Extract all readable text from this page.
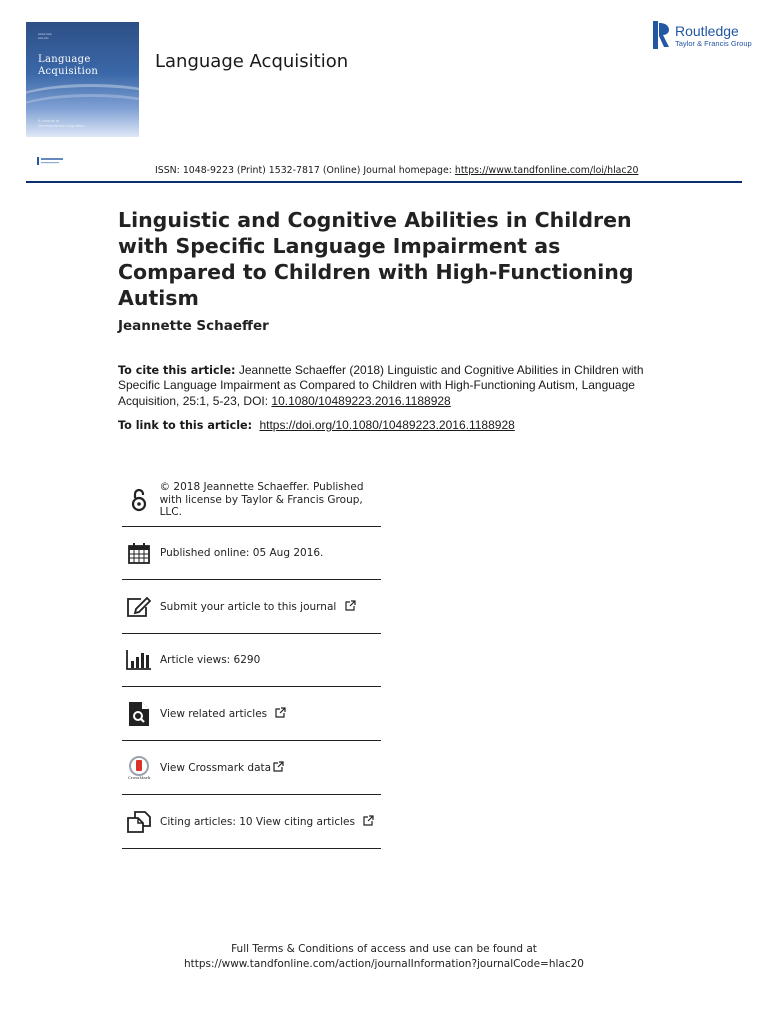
▪▪▪▪▪▪▪ ▪▪▪▪▪
▪▪▪▪▪ ▪▪▪▪
Language
Acquisition
A Journal of
Developmental Linguistics
Language Acquisition
Routledge
Taylor & Francis Group
ISSN: 1048-9223 (Print) 1532-7817 (Online) Journal homepage: https://www.tandfonline.com/loi/hlac20
Linguistic and Cognitive Abilities in Children with Specific Language Impairment as Compared to Children with High-Functioning Autism
Jeannette Schaeffer
To cite this article: Jeannette Schaeffer (2018) Linguistic and Cognitive Abilities in Children with Specific Language Impairment as Compared to Children with High-Functioning Autism, Language Acquisition, 25:1, 5-23, DOI: 10.1080/10489223.2016.1188928
To link to this article: https://doi.org/10.1080/10489223.2016.1188928
© 2018 Jeannette Schaeffer. Published with license by Taylor & Francis Group, LLC.
Published online: 05 Aug 2016.
Submit your article to this journal
Article views: 6290
View related articles
CrossMark
View Crossmark data
Citing articles: 10 View citing articles
Full Terms & Conditions of access and use can be found at
https://www.tandfonline.com/action/journalInformation?journalCode=hlac20
